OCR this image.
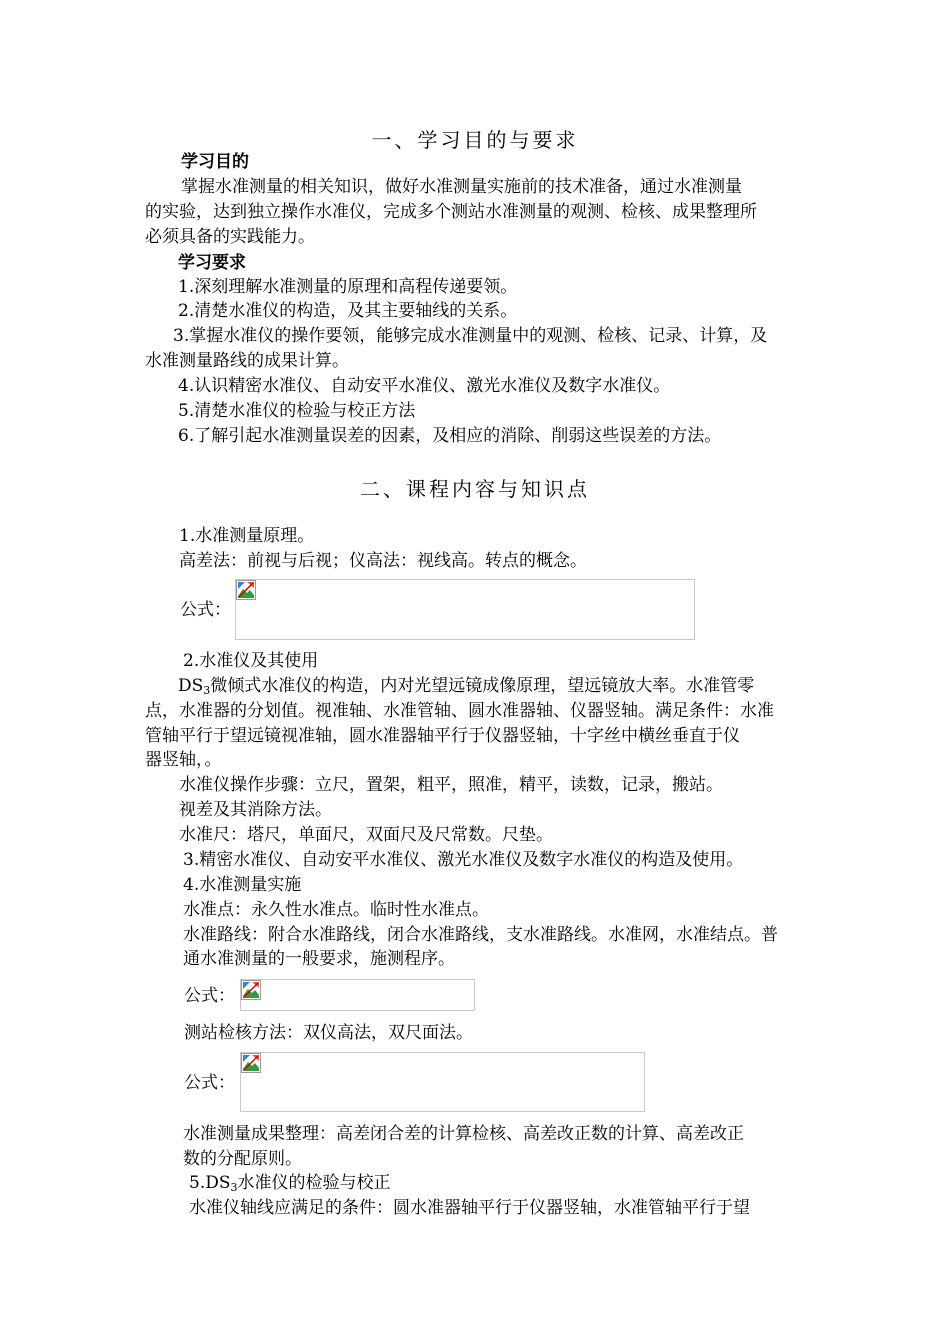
一、学习目的与要求
学习目的
掌握水准测量的相关知识，做好水准测量实施前的技术准备，通过水准测量
的实验，达到独立操作水准仪，完成多个测站水准测量的观测、检核、成果整理所
必须具备的实践能力。
学习要求
1.深刻理解水准测量的原理和高程传递要领。
2.清楚水准仪的构造，及其主要轴线的关系。
3.掌握水准仪的操作要领，能够完成水准测量中的观测、检核、记录、计算，及
水准测量路线的成果计算。
4.认识精密水准仪、自动安平水准仪、激光水准仪及数字水准仪。
5.清楚水准仪的检验与校正方法
6.了解引起水准测量误差的因素，及相应的消除、削弱这些误差的方法。
二、课程内容与知识点
1.水准测量原理。
高差法：前视与后视；仪高法：视线高。转点的概念。
公式：
2.水准仪及其使用
$DS_3$微倾式水准仪的构造，内对光望远镜成像原理，望远镜放大率。水准管零
点，水准器的分划值。视准轴、水准管轴、圆水准器轴、仪器竖轴。满足条件：水准
管轴平行于望远镜视准轴，圆水准器轴平行于仪器竖轴，十字丝中横丝垂直于仪
器竖轴，。
水准仪操作步骤：立尺，置架，粗平，照准，精平，读数，记录，搬站。
视差及其消除方法。
水准尺：塔尺，单面尺，双面尺及尺常数。尺垫。
3.精密水准仪、自动安平水准仪、激光水准仪及数字水准仪的构造及使用。
4.水准测量实施
水准点：永久性水准点。临时性水准点。
水准路线：附合水准路线，闭合水准路线，支水准路线。水准网，水准结点。普
通水准测量的一般要求，施测程序。
公式：
测站检核方法：双仪高法，双尺面法。
公式：
水准测量成果整理：高差闭合差的计算检核、高差改正数的计算、高差改正
数的分配原则。
$5.DS_3$水准仪的检验与校正
水准仪轴线应满足的条件：圆水准器轴平行于仪器竖轴，水准管轴平行于望
